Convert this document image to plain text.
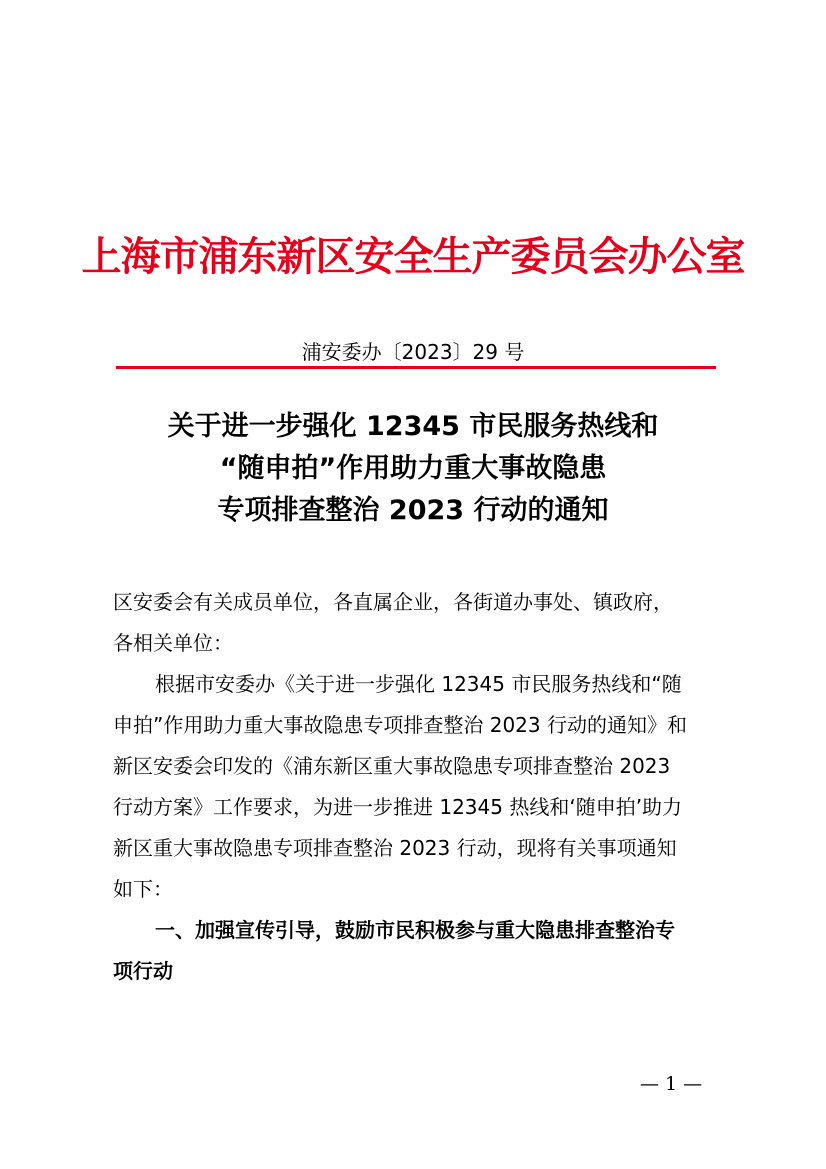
上海市浦东新区安全生产委员会办公室
浦安委办〔2023〕29 号
关于进一步强化 12345 市民服务热线和
“随申拍”作用助力重大事故隐患
专项排查整治 2023 行动的通知
区安委会有关成员单位，各直属企业，各街道办事处、镇政府，
各相关单位：
根据市安委办《关于进一步强化 12345 市民服务热线和“随
申拍”作用助力重大事故隐患专项排查整治 2023 行动的通知》和
新区安委会印发的《浦东新区重大事故隐患专项排查整治 2023
行动方案》工作要求，为进一步推进 12345 热线和‘随申拍’助力
新区重大事故隐患专项排查整治 2023 行动，现将有关事项通知
如下：
一、加强宣传引导，鼓励市民积极参与重大隐患排查整治专
项行动
— 1 —
